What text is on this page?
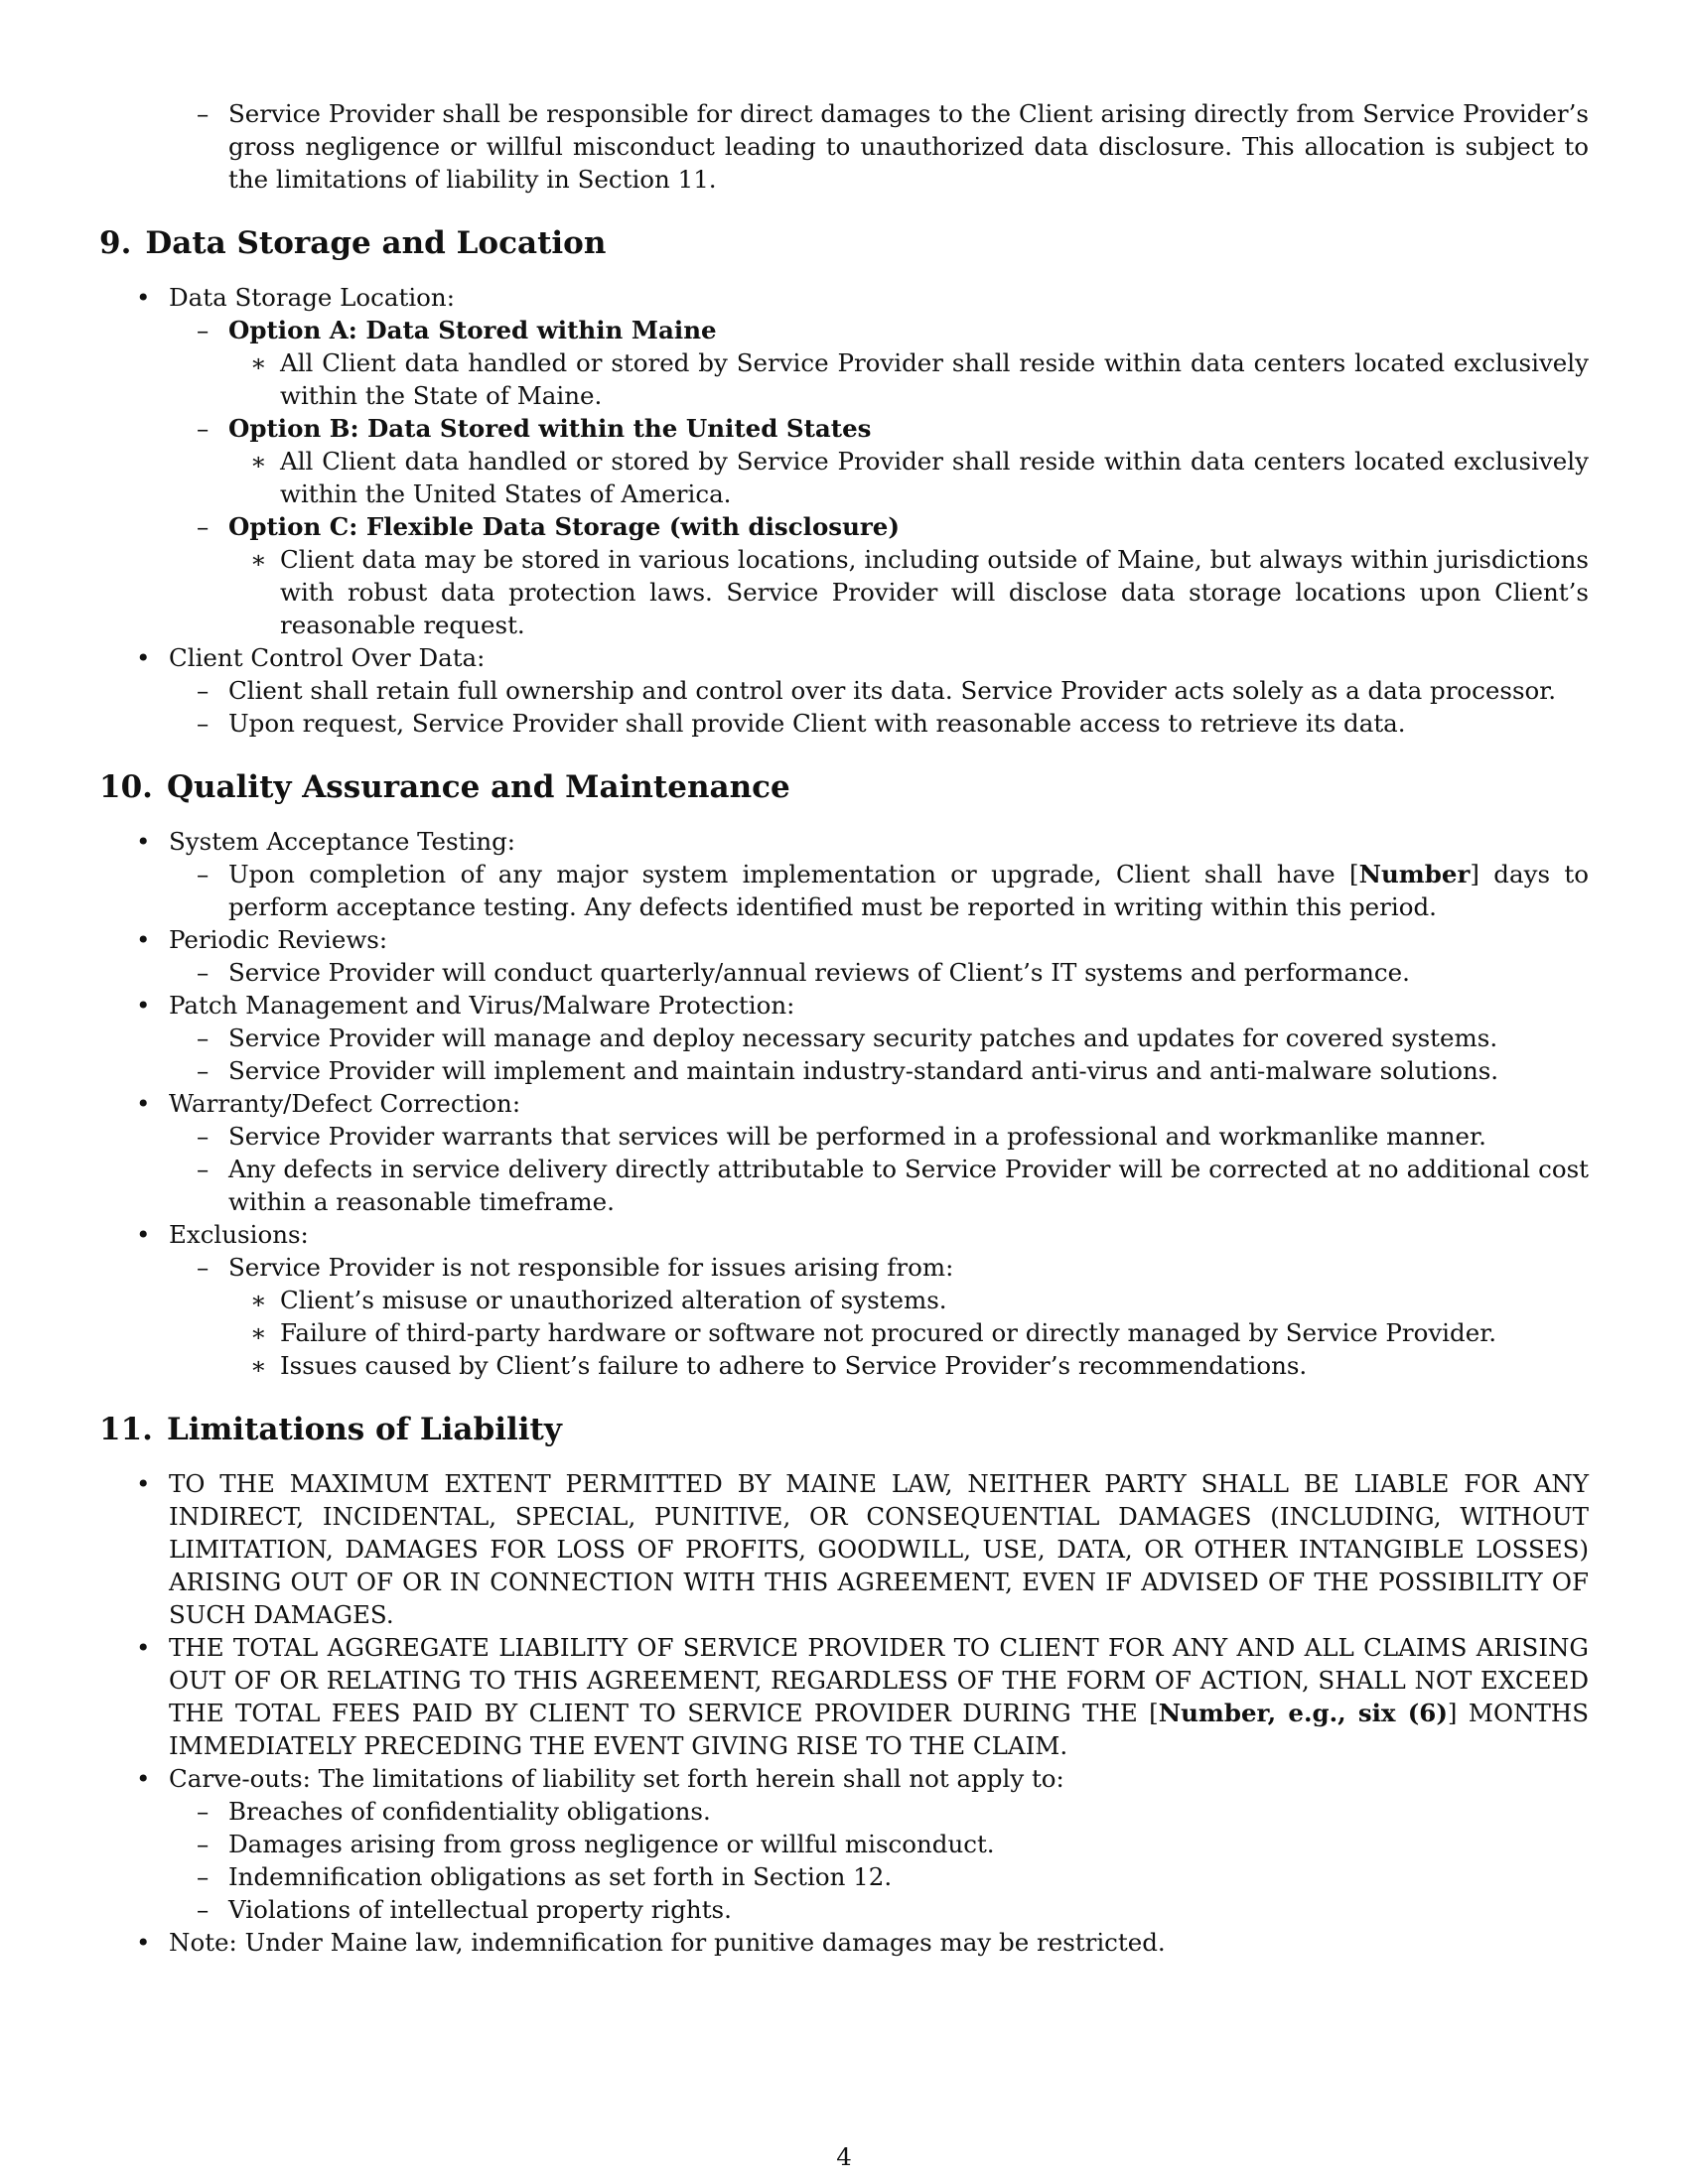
– Service Provider shall be responsible for direct damages to the Client arising directly from Service Provider’s gross negligence or willful misconduct leading to unauthorized data disclosure. This allocation is subject to the limitations of liability in Section 11.

9. Data Storage and Location
• Data Storage Location:

– Option A: Data Stored within Maine

∗ All Client data handled or stored by Service Provider shall reside within data centers located exclusively within the State of Maine.

– Option B: Data Stored within the United States

∗ All Client data handled or stored by Service Provider shall reside within data centers located exclusively within the United States of America.

– Option C: Flexible Data Storage (with disclosure)

∗ Client data may be stored in various locations, including outside of Maine, but always within jurisdictions with robust data protection laws. Service Provider will disclose data storage locations upon Client’s reasonable request.

• Client Control Over Data:

– Client shall retain full ownership and control over its data. Service Provider acts solely as a data processor.

– Upon request, Service Provider shall provide Client with reasonable access to retrieve its data.

10. Quality Assurance and Maintenance
• System Acceptance Testing:

– Upon completion of any major system implementation or upgrade, Client shall have [Number] days to perform acceptance testing. Any defects identified must be reported in writing within this period.

• Periodic Reviews:

– Service Provider will conduct quarterly/annual reviews of Client’s IT systems and performance.

• Patch Management and Virus/Malware Protection:

– Service Provider will manage and deploy necessary security patches and updates for covered systems.

– Service Provider will implement and maintain industry-standard anti-virus and anti-malware solutions.

• Warranty/Defect Correction:

– Service Provider warrants that services will be performed in a professional and workmanlike manner.

– Any defects in service delivery directly attributable to Service Provider will be corrected at no additional cost within a reasonable timeframe.

• Exclusions:

– Service Provider is not responsible for issues arising from:

∗ Client’s misuse or unauthorized alteration of systems.

∗ Failure of third-party hardware or software not procured or directly managed by Service Provider.

∗ Issues caused by Client’s failure to adhere to Service Provider’s recommendations.

11. Limitations of Liability
• TO THE MAXIMUM EXTENT PERMITTED BY MAINE LAW, NEITHER PARTY SHALL BE LIABLE FOR ANY INDIRECT, INCIDENTAL, SPECIAL, PUNITIVE, OR CONSEQUENTIAL DAMAGES (INCLUDING, WITHOUT LIMITATION, DAMAGES FOR LOSS OF PROFITS, GOODWILL, USE, DATA, OR OTHER INTANGIBLE LOSSES) ARISING OUT OF OR IN CONNECTION WITH THIS AGREEMENT, EVEN IF ADVISED OF THE POSSIBILITY OF SUCH DAMAGES.

• THE TOTAL AGGREGATE LIABILITY OF SERVICE PROVIDER TO CLIENT FOR ANY AND ALL CLAIMS ARISING OUT OF OR RELATING TO THIS AGREEMENT, REGARDLESS OF THE FORM OF ACTION, SHALL NOT EXCEED THE TOTAL FEES PAID BY CLIENT TO SERVICE PROVIDER DURING THE [Number, e.g., six (6)] MONTHS IMMEDIATELY PRECEDING THE EVENT GIVING RISE TO THE CLAIM.

• Carve-outs: The limitations of liability set forth herein shall not apply to:

– Breaches of confidentiality obligations.

– Damages arising from gross negligence or willful misconduct.

– Indemnification obligations as set forth in Section 12.

– Violations of intellectual property rights.

• Note: Under Maine law, indemnification for punitive damages may be restricted.

4
